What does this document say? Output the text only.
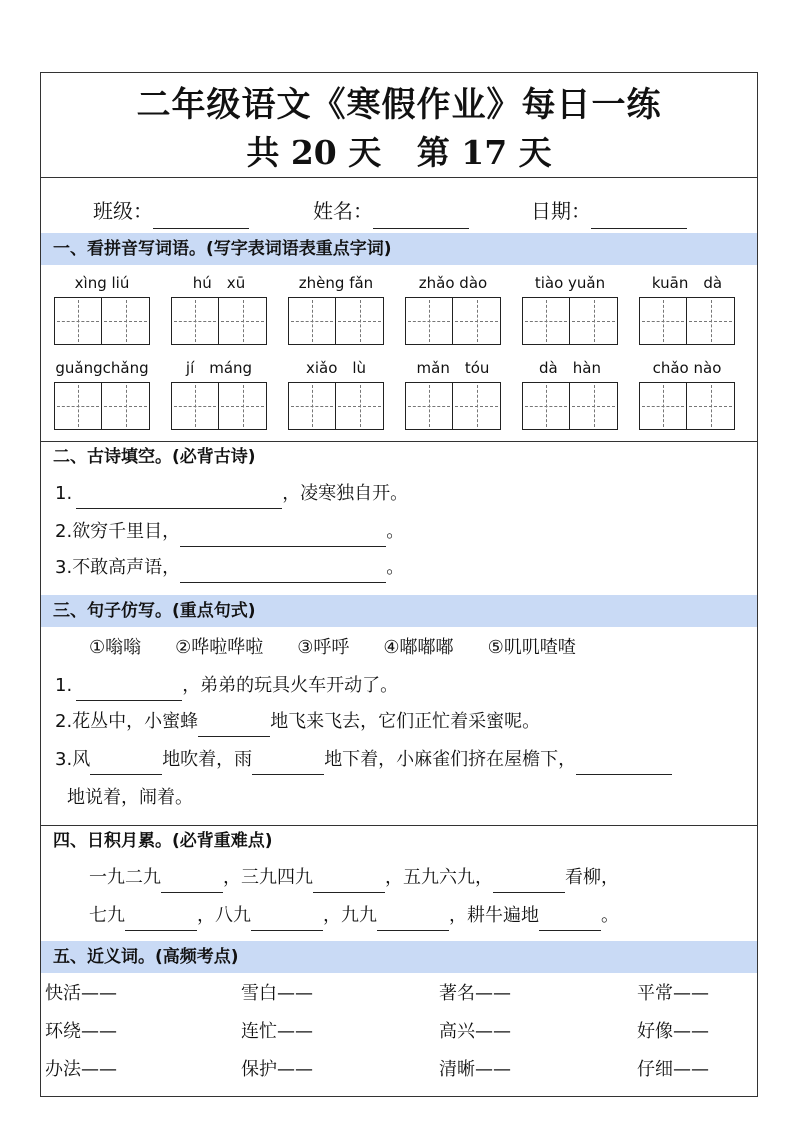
二年级语文《寒假作业》每日一练
共 20 天 第 17 天
班级：	姓名：	日期：
一、看拼音写词语。(写字表词语表重点字词)
xìng liú	hú　xū	zhèng fǎn	zhǎo dào	tiào yuǎn	kuān　dà
guǎngchǎng	jí　máng	xiǎo　lù	mǎn　tóu	dà　hàn	chǎo nào
二、古诗填空。(必背古诗)
1.	，凌寒独自开。
2.欲穷千里目，	。
3.不敢高声语，	。
三、句子仿写。(重点句式)
①嗡嗡 ②哗啦哗啦 ③呼呼 ④嘟嘟嘟 ⑤叽叽喳喳
1.	，弟弟的玩具火车开动了。
2.花丛中，小蜜蜂	地飞来飞去，它们正忙着采蜜呢。
3.风	地吹着，雨	地下着，小麻雀们挤在屋檐下，
地说着，闹着。
四、日积月累。(必背重难点)
一九二九	，三九四九	，五九六九，	看柳，
七九	，八九	，九九	，耕牛遍地	。
五、近义词。(高频考点)
快活——	雪白——	著名——	平常——
环绕——	连忙——	高兴——	好像——
办法——	保护——	清晰——	仔细——
